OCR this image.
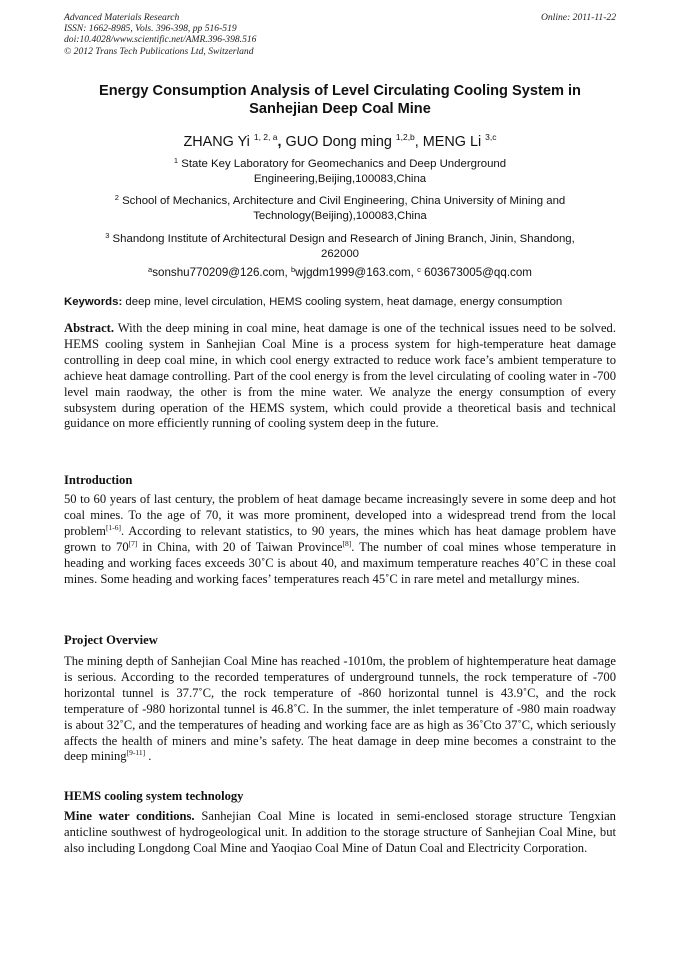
Advanced Materials Research
ISSN: 1662-8985, Vols. 396-398, pp 516-519
doi:10.4028/www.scientific.net/AMR.396-398.516
© 2012 Trans Tech Publications Ltd, Switzerland
Online: 2011-11-22
Energy Consumption Analysis of Level Circulating Cooling System in
Sanhejian Deep Coal Mine
ZHANG Yi $^{1, 2, a}$, GUO Dong ming $^{1,2,b}$, MENG Li $^{3,c}$
$^1$ State Key Laboratory for Geomechanics and Deep Underground
Engineering,Beijing,100083,China
$^2$ School of Mechanics, Architecture and Civil Engineering, China University of Mining and
Technology(Beijing),100083,China
$^3$ Shandong Institute of Architectural Design and Research of Jining Branch, Jinin, Shandong,
262000
$^a$sonshu770209@126.com, $^b$wjgdm1999@163.com, $^c$ 603673005@qq.com
Keywords: deep mine, level circulation, HEMS cooling system, heat damage, energy consumption
Abstract. With the deep mining in coal mine, heat damage is one of the technical issues need to be solved. HEMS cooling system in Sanhejian Coal Mine is a process system for high-temperature heat damage controlling in deep coal mine, in which cool energy extracted to reduce work face’s ambient temperature to achieve heat damage controlling. Part of the cool energy is from the level circulating of cooling water in -700 level main raodway, the other is from the mine water. We analyze the energy consumption of every subsystem during operation of the HEMS system, which could provide a theoretical basis and technical guidance on more efficiently running of cooling system deep in the future.
Introduction
50 to 60 years of last century, the problem of heat damage became increasingly severe in some deep and hot coal mines. To the age of 70, it was more prominent, developed into a widespread trend from the local problem[1-6]. According to relevant statistics, to 90 years, the mines which has heat damage problem have grown to 70[7] in China, with 20 of Taiwan Province[8]. The number of coal mines whose temperature in heading and working faces exceeds 30˚C is about 40, and maximum temperature reaches 40˚C in these coal mines. Some heading and working faces’ temperatures reach 45˚C in rare metel and metallurgy mines.
Project Overview
The mining depth of Sanhejian Coal Mine has reached -1010m, the problem of hightemperature heat damage is serious. According to the recorded temperatures of underground tunnels, the rock temperature of -700 horizontal tunnel is 37.7˚C, the rock temperature of -860 horizontal tunnel is 43.9˚C, and the rock temperature of -980 horizontal tunnel is 46.8˚C. In the summer, the inlet temperature of -980 main roadway is about 32˚C, and the temperatures of heading and working face are as high as 36˚Cto 37˚C, which seriously affects the health of miners and mine’s safety. The heat damage in deep mine becomes a constraint to the deep mining[9-11] .
HEMS cooling system technology
Mine water conditions. Sanhejian Coal Mine is located in semi-enclosed storage structure Tengxian anticline southwest of hydrogeological unit. In addition to the storage structure of Sanhejian Coal Mine, but also including Longdong Coal Mine and Yaoqiao Coal Mine of Datun Coal and Electricity Corporation.
